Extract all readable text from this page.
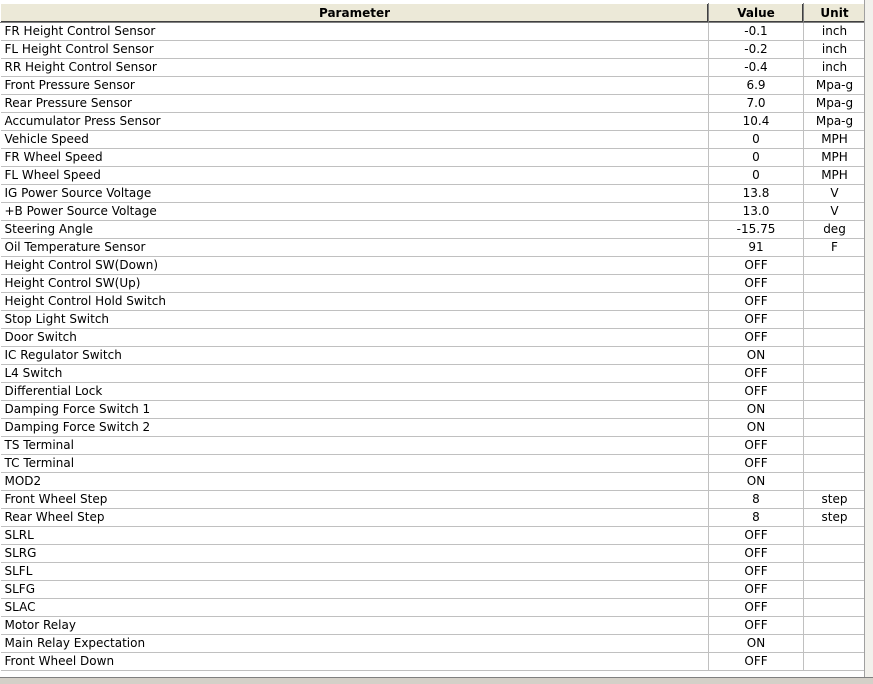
Parameter	Value	Unit
FR Height Control Sensor	-0.1	inch
FL Height Control Sensor	-0.2	inch
RR Height Control Sensor	-0.4	inch
Front Pressure Sensor	6.9	Mpa-g
Rear Pressure Sensor	7.0	Mpa-g
Accumulator Press Sensor	10.4	Mpa-g
Vehicle Speed	0	MPH
FR Wheel Speed	0	MPH
FL Wheel Speed	0	MPH
IG Power Source Voltage	13.8	V
+B Power Source Voltage	13.0	V
Steering Angle	-15.75	deg
Oil Temperature Sensor	91	F
Height Control SW(Down)	OFF	
Height Control SW(Up)	OFF	
Height Control Hold Switch	OFF	
Stop Light Switch	OFF	
Door Switch	OFF	
IC Regulator Switch	ON	
L4 Switch	OFF	
Differential Lock	OFF	
Damping Force Switch 1	ON	
Damping Force Switch 2	ON	
TS Terminal	OFF	
TC Terminal	OFF	
MOD2	ON	
Front Wheel Step	8	step
Rear Wheel Step	8	step
SLRL	OFF	
SLRG	OFF	
SLFL	OFF	
SLFG	OFF	
SLAC	OFF	
Motor Relay	OFF	
Main Relay Expectation	ON	
Front Wheel Down	OFF	
